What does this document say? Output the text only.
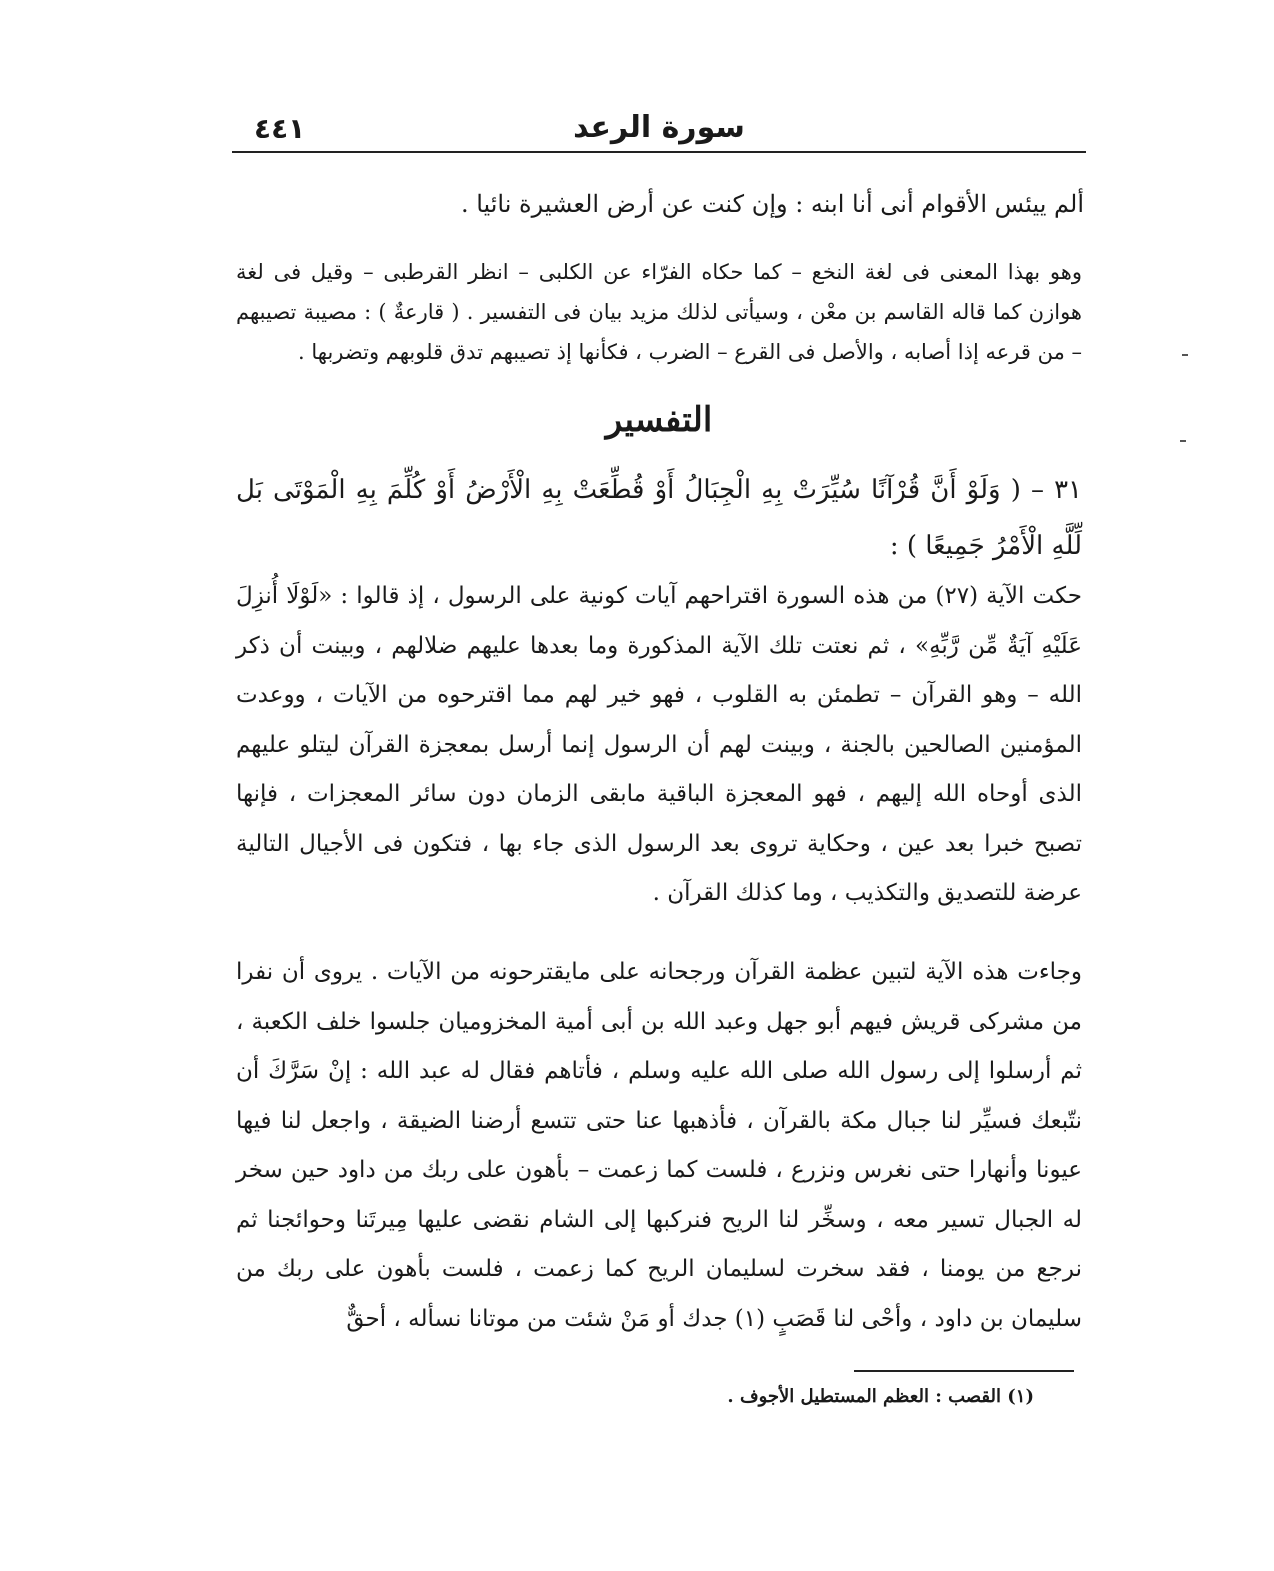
٤٤١	سورة الرعد
ألم ييئس الأقوام أنى أنا ابنه : وإن كنت عن أرض العشيرة نائيا .

وهو بهذا المعنى فى لغة النخع – كما حكاه الفرّاء عن الكلبى – انظر القرطبى – وقيل فى لغة هوازن كما قاله القاسم بن معْن ، وسيأتى لذلك مزيد بيان فى التفسير . ( قارعةٌ ) : مصيبة تصيبهم – من قرعه إذا أصابه ، والأصل فى القرع – الضرب ، فكأنها إذ تصيبهم تدق قلوبهم وتضربها .

التفسير

٣١ – ( وَلَوْ أَنَّ قُرْآنًا سُيِّرَتْ بِهِ الْجِبَالُ أَوْ قُطِّعَتْ بِهِ الْأَرْضُ أَوْ كُلِّمَ بِهِ الْمَوْتَى بَل لِّلَّهِ الْأَمْرُ جَمِيعًا ) :

حكت الآية (٢٧) من هذه السورة اقتراحهم آيات كونية على الرسول ، إذ قالوا : «لَوْلَا أُنزِلَ عَلَيْهِ آيَةٌ مِّن رَّبِّهِ» ، ثم نعتت تلك الآية المذكورة وما بعدها عليهم ضلالهم ، وبينت أن ذكر الله – وهو القرآن – تطمئن به القلوب ، فهو خير لهم مما اقترحوه من الآيات ، ووعدت المؤمنين الصالحين بالجنة ، وبينت لهم أن الرسول إنما أرسل بمعجزة القرآن ليتلو عليهم الذى أوحاه الله إليهم ، فهو المعجزة الباقية مابقى الزمان دون سائر المعجزات ، فإنها تصبح خبرا بعد عين ، وحكاية تروى بعد الرسول الذى جاء بها ، فتكون فى الأجيال التالية عرضة للتصديق والتكذيب ، وما كذلك القرآن .

وجاءت هذه الآية لتبين عظمة القرآن ورجحانه على مايقترحونه من الآيات . يروى أن نفرا من مشركى قريش فيهم أبو جهل وعبد الله بن أبى أمية المخزوميان جلسوا خلف الكعبة ، ثم أرسلوا إلى رسول الله صلى الله عليه وسلم ، فأتاهم فقال له عبد الله : إنْ سَرَّكَ أن نتّبعك فسيِّر لنا جبال مكة بالقرآن ، فأذهبها عنا حتى تتسع أرضنا الضيقة ، واجعل لنا فيها عيونا وأنهارا حتى نغرس ونزرع ، فلست كما زعمت – بأهون على ربك من داود حين سخر له الجبال تسير معه ، وسخِّر لنا الريح فنركبها إلى الشام نقضى عليها مِيرتَنا وحوائجنا ثم نرجع من يومنا ، فقد سخرت لسليمان الريح كما زعمت ، فلست بأهون على ربك من سليمان بن داود ، وأحْى لنا قَصَبٍ (١) جدك أو مَنْ شئت من موتانا نسأله ، أحقٌّ

(١) القصب : العظم المستطيل الأجوف .
